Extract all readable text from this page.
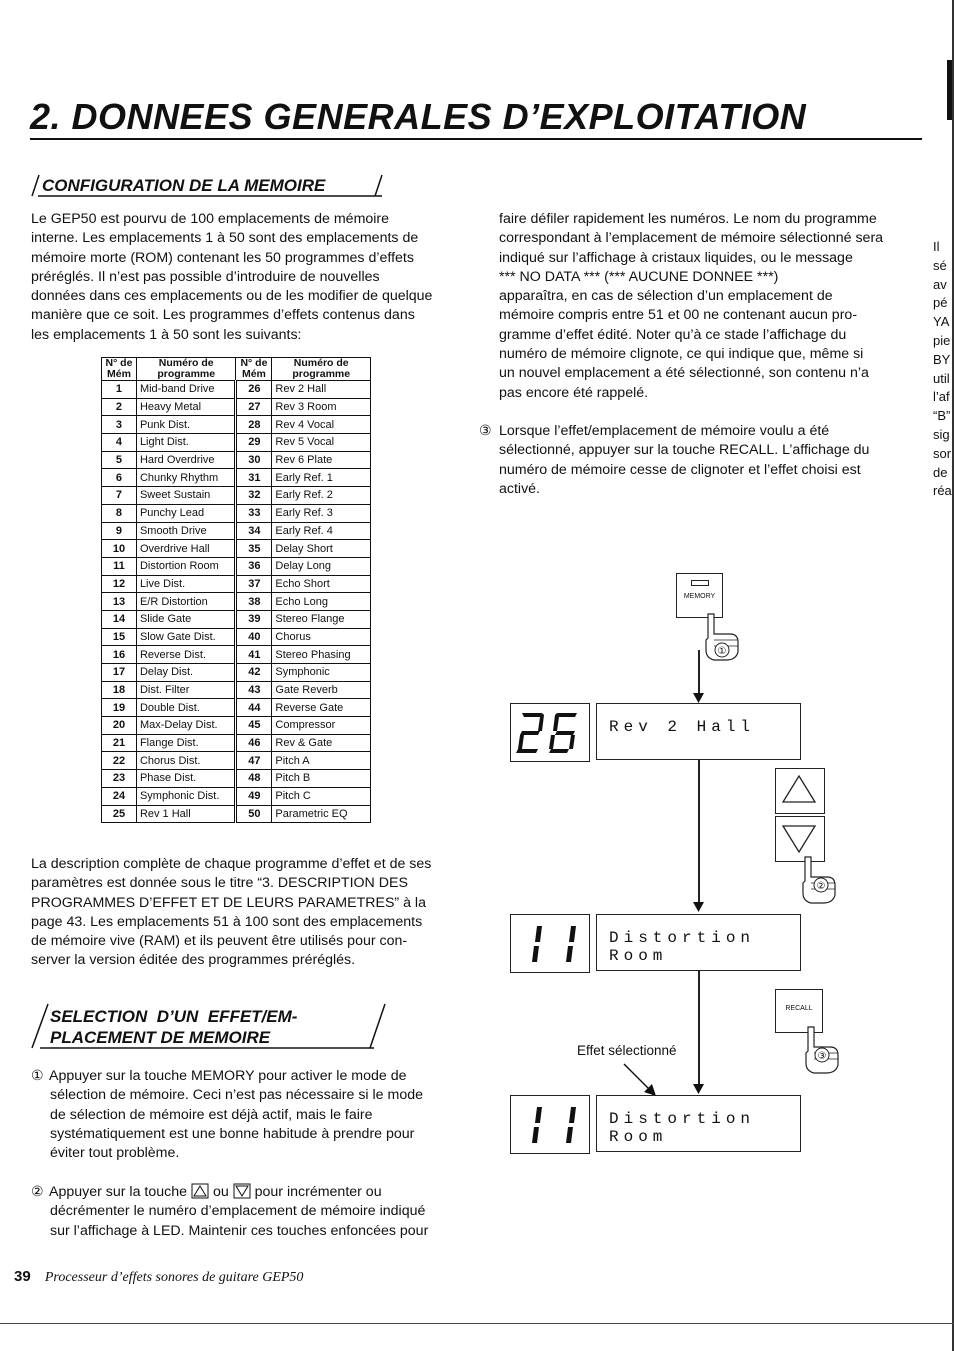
2. DONNEES GENERALES D’EXPLOITATION
CONFIGURATION DE LA MEMOIRE

Le GEP50 est pourvu de 100 emplacements de mémoire

interne. Les emplacements 1 à 50 sont des emplacements de

mémoire morte (ROM) contenant les 50 programmes d’effets

préréglés. Il n’est pas possible d’introduire de nouvelles

données dans ces emplacements ou de les modifier de quelque

manière que ce soit. Les programmes d’effets contenus dans

les emplacements 1 à 50 sont les suivants:

N° de Mém	Numéro de programme	N° de Mém	Numéro de programme
1	Mid-band Drive	26	Rev 2 Hall
2	Heavy Metal	27	Rev 3 Room
3	Punk Dist.	28	Rev 4 Vocal
4	Light Dist.	29	Rev 5 Vocal
5	Hard Overdrive	30	Rev 6 Plate
6	Chunky Rhythm	31	Early Ref. 1
7	Sweet Sustain	32	Early Ref. 2
8	Punchy Lead	33	Early Ref. 3
9	Smooth Drive	34	Early Ref. 4
10	Overdrive Hall	35	Delay Short
11	Distortion Room	36	Delay Long
12	Live Dist.	37	Echo Short
13	E/R Distortion	38	Echo Long
14	Slide Gate	39	Stereo Flange
15	Slow Gate Dist.	40	Chorus
16	Reverse Dist.	41	Stereo Phasing
17	Delay Dist.	42	Symphonic
18	Dist. Filter	43	Gate Reverb
19	Double Dist.	44	Reverse Gate
20	Max-Delay Dist.	45	Compressor
21	Flange Dist.	46	Rev & Gate
22	Chorus Dist.	47	Pitch A
23	Phase Dist.	48	Pitch B
24	Symphonic Dist.	49	Pitch C
25	Rev 1 Hall	50	Parametric EQ

La description complète de chaque programme d’effet et de ses

paramètres est donnée sous le titre “3. DESCRIPTION DES

PROGRAMMES D’EFFET ET DE LEURS PARAMETRES” à la

page 43. Les emplacements 51 à 100 sont des emplacements

de mémoire vive (RAM) et ils peuvent être utilisés pour con-

server la version éditée des programmes préréglés.

SELECTION  D’UN  EFFET/EM-
PLACEMENT DE MEMOIRE

① Appuyer sur la touche MEMORY pour activer le mode de

sélection de mémoire. Ceci n’est pas nécessaire si le mode

de sélection de mémoire est déjà actif, mais le faire

systématiquement est une bonne habitude à prendre pour

éviter tout problème.

② Appuyer sur la touche ou pour incrémenter ou

décrémenter le numéro d’emplacement de mémoire indiqué

sur l’affichage à LED. Maintenir ces touches enfoncées pour

faire défiler rapidement les numéros. Le nom du programme

correspondant à l’emplacement de mémoire sélectionné sera

indiqué sur l’affichage à cristaux liquides, ou le message

*** NO DATA *** (*** AUCUNE DONNEE ***)

apparaîtra, en cas de sélection d’un emplacement de

mémoire compris entre 51 et 00 ne contenant aucun pro-

gramme d’effet édité. Noter qu’à ce stade l’affichage du

numéro de mémoire clignote, ce qui indique que, même si

un nouvel emplacement a été sélectionné, son contenu n’a

pas encore été rappelé.

③ Lorsque l’effet/emplacement de mémoire voulu a été

sélectionné, appuyer sur la touche RECALL. L’affichage du

numéro de mémoire cesse de clignoter et l’effet choisi est

activé.

MEMORY
①
Rev 2 Hall
②
Distortion Room
RECALL
③
Effet sélectionné
Distortion Room
Il
sé
av
pé
YA
pie
BY
util
l’af
“B”
sig
sor
de
réa
39 Processeur d’effets sonores de guitare GEP50
